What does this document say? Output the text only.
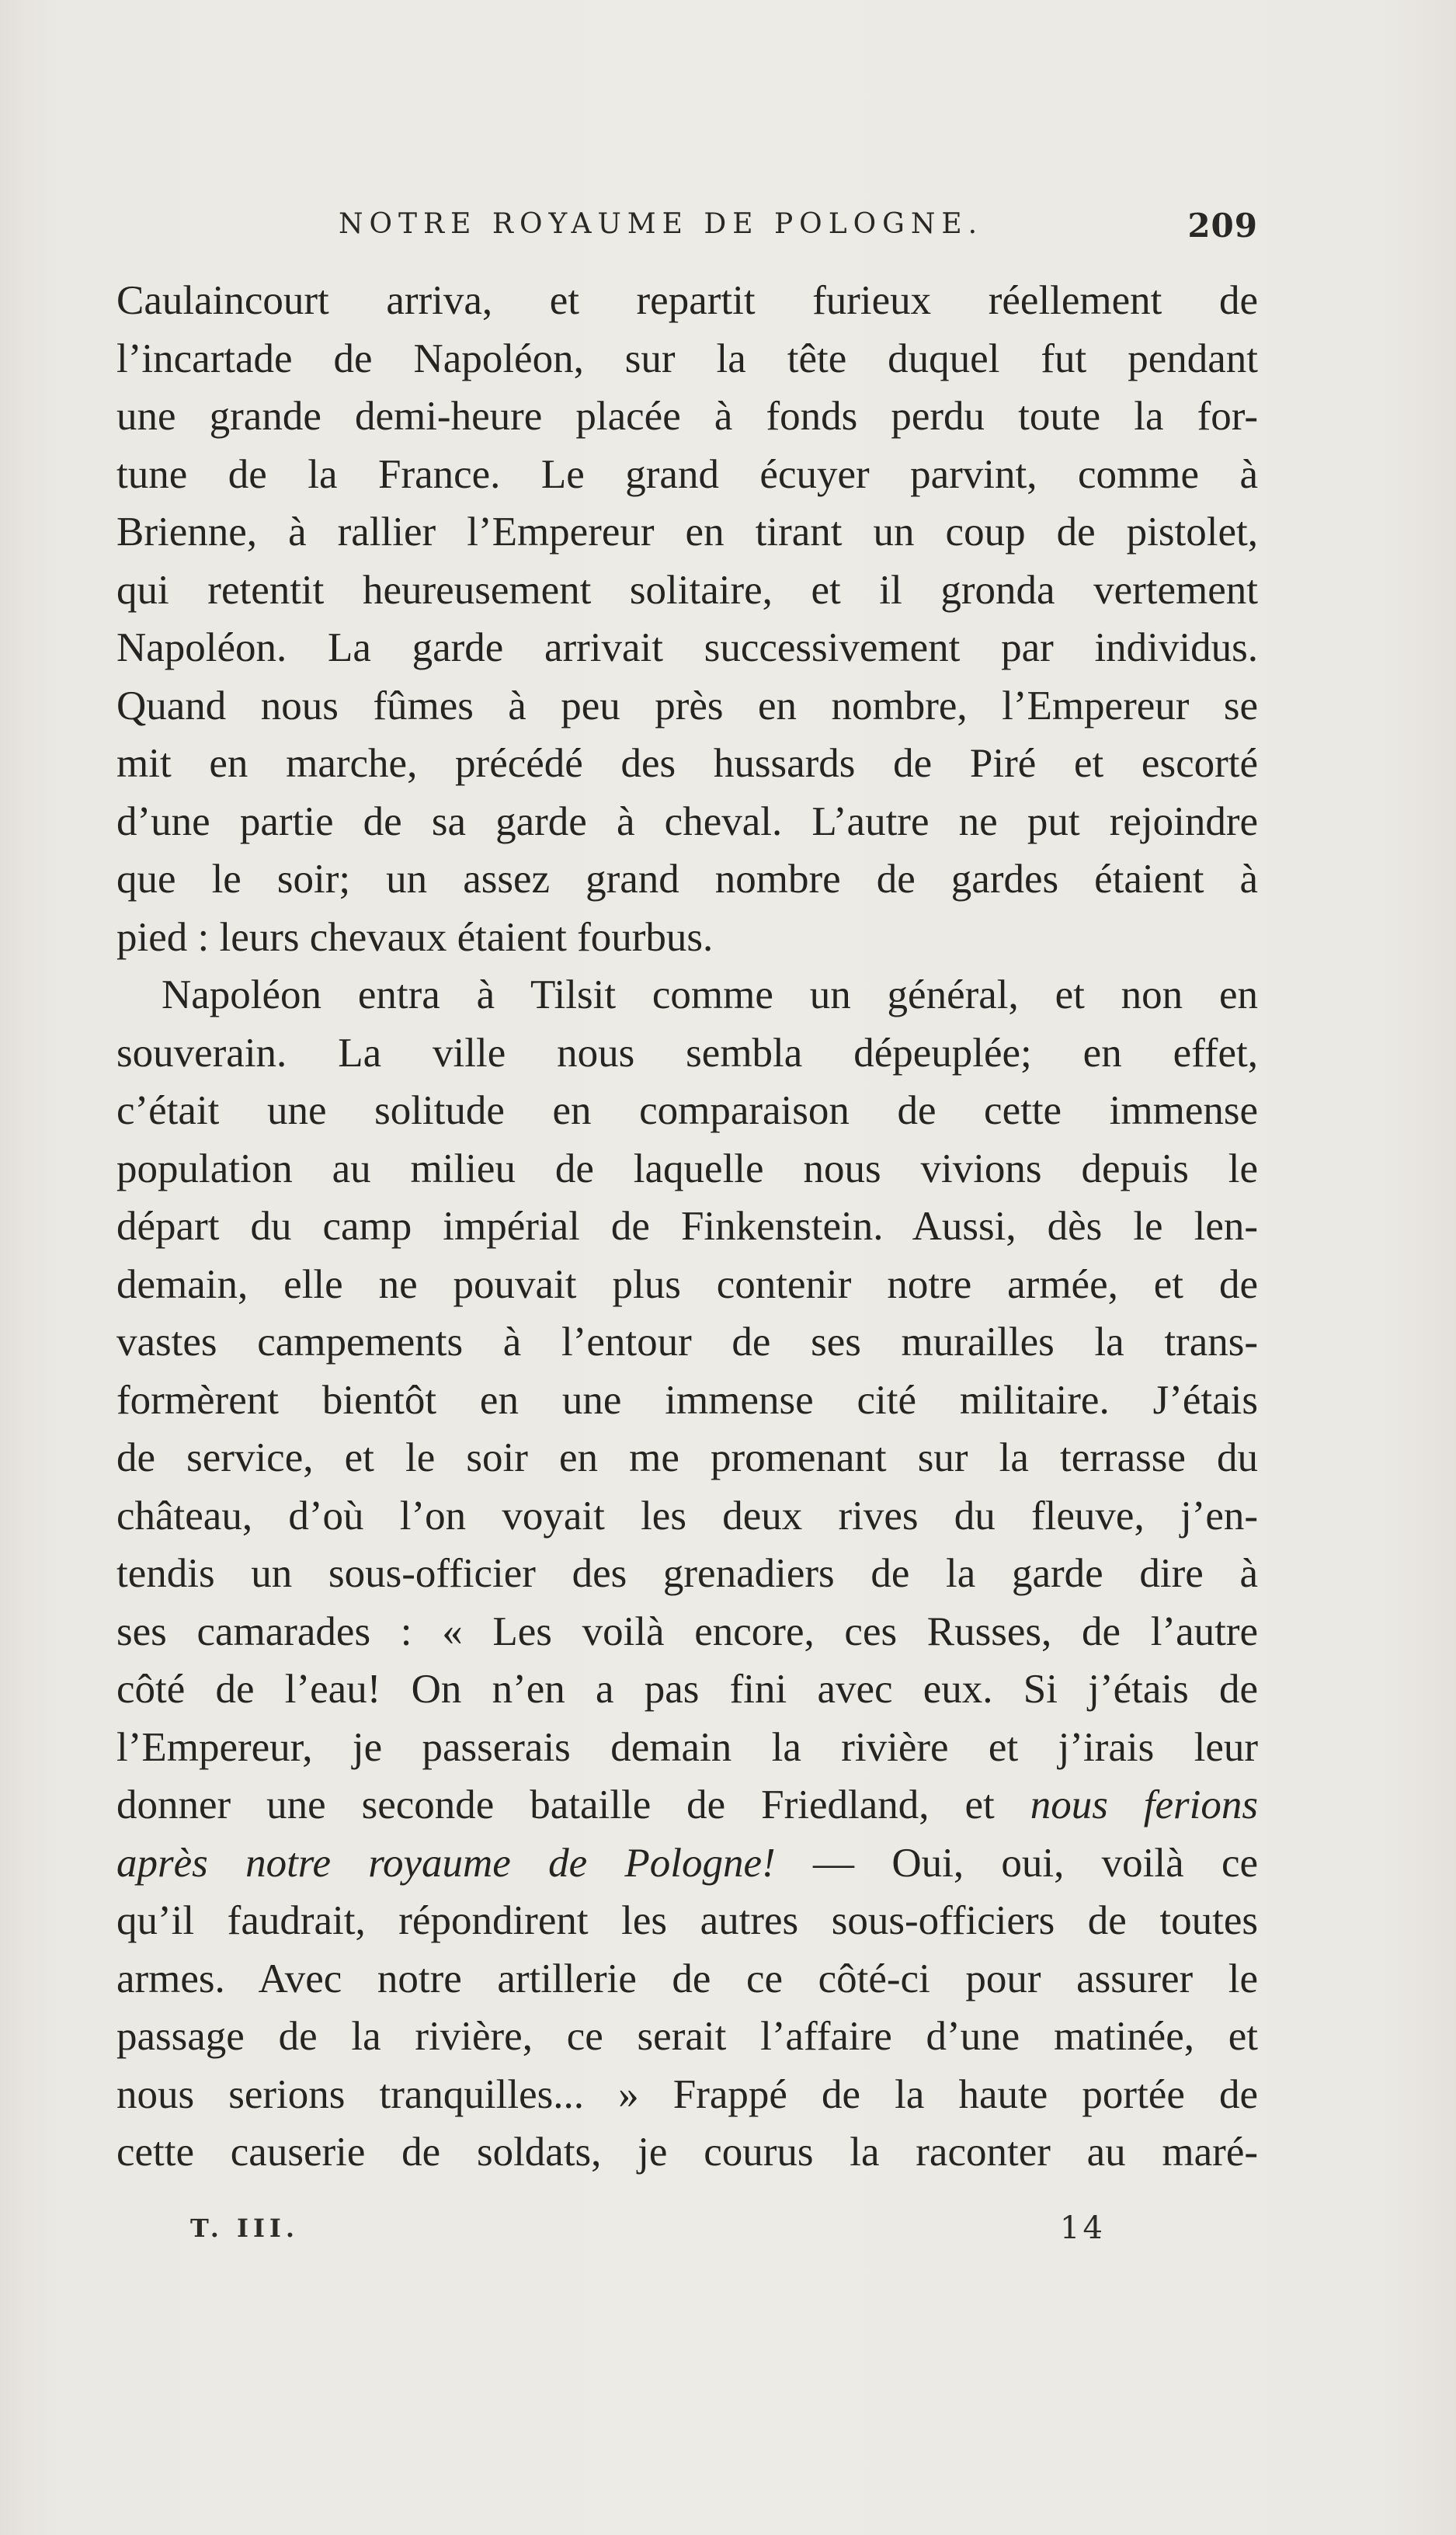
NOTRE ROYAUME DE POLOGNE.	209
Caulaincourt arriva, et repartit furieux réellement de
l’incartade de Napoléon, sur la tête duquel fut pendant
une grande demi-heure placée à fonds perdu toute la for-
tune de la France. Le grand écuyer parvint, comme à
Brienne, à rallier l’Empereur en tirant un coup de pistolet,
qui retentit heureusement solitaire, et il gronda vertement
Napoléon. La garde arrivait successivement par individus.
Quand nous fûmes à peu près en nombre, l’Empereur se
mit en marche, précédé des hussards de Piré et escorté
d’une partie de sa garde à cheval. L’autre ne put rejoindre
que le soir; un assez grand nombre de gardes étaient à
pied : leurs chevaux étaient fourbus.
Napoléon entra à Tilsit comme un général, et non en
souverain. La ville nous sembla dépeuplée; en effet,
c’était une solitude en comparaison de cette immense
population au milieu de laquelle nous vivions depuis le
départ du camp impérial de Finkenstein. Aussi, dès le len-
demain, elle ne pouvait plus contenir notre armée, et de
vastes campements à l’entour de ses murailles la trans-
formèrent bientôt en une immense cité militaire. J’étais
de service, et le soir en me promenant sur la terrasse du
château, d’où l’on voyait les deux rives du fleuve, j’en-
tendis un sous-officier des grenadiers de la garde dire à
ses camarades : « Les voilà encore, ces Russes, de l’autre
côté de l’eau! On n’en a pas fini avec eux. Si j’étais de
l’Empereur, je passerais demain la rivière et j’irais leur
donner une seconde bataille de Friedland, et nous ferions
après notre royaume de Pologne! — Oui, oui, voilà ce
qu’il faudrait, répondirent les autres sous-officiers de toutes
armes. Avec notre artillerie de ce côté-ci pour assurer le
passage de la rivière, ce serait l’affaire d’une matinée, et
nous serions tranquilles... » Frappé de la haute portée de
cette causerie de soldats, je courus la raconter au maré-
T. III.	14
